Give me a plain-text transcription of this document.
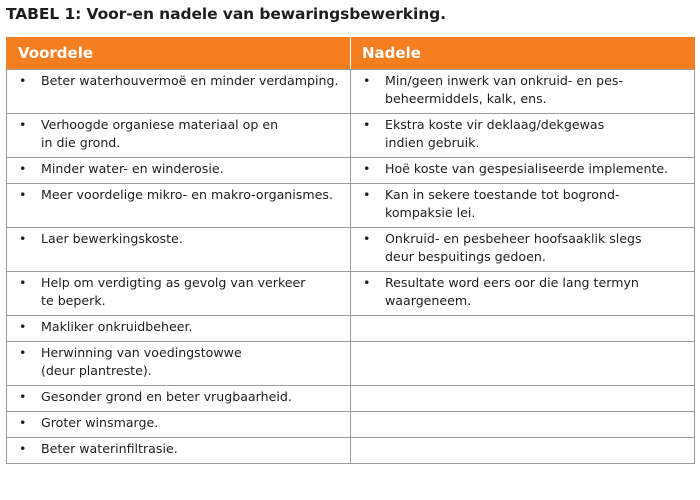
TABEL 1: Voor-en nadele van bewaringsbewerking.
Voordele	Nadele

• Beter waterhouvermoë en minder verdamping.	• Min/geen inwerk van onkruid- en pes-
beheermiddels, kalk, ens.

• Verhoogde organiese materiaal op en
in die grond.	• Ekstra koste vir deklaag/dekgewas
indien gebruik.

• Minder water- en winderosie.	• Hoë koste van gespesialiseerde implemente.

• Meer voordelige mikro- en makro-organismes.	• Kan in sekere toestande tot bogrond-
kompaksie lei.

• Laer bewerkingskoste.	• Onkruid- en pesbeheer hoofsaaklik slegs
deur bespuitings gedoen.

• Help om verdigting as gevolg van verkeer
te beperk.	• Resultate word eers oor die lang termyn
waargeneem.

• Makliker onkruidbeheer.	

• Herwinning van voedingstowwe
(deur plantreste).	

• Gesonder grond en beter vrugbaarheid.	

• Groter winsmarge.	

• Beter waterinfiltrasie.	
